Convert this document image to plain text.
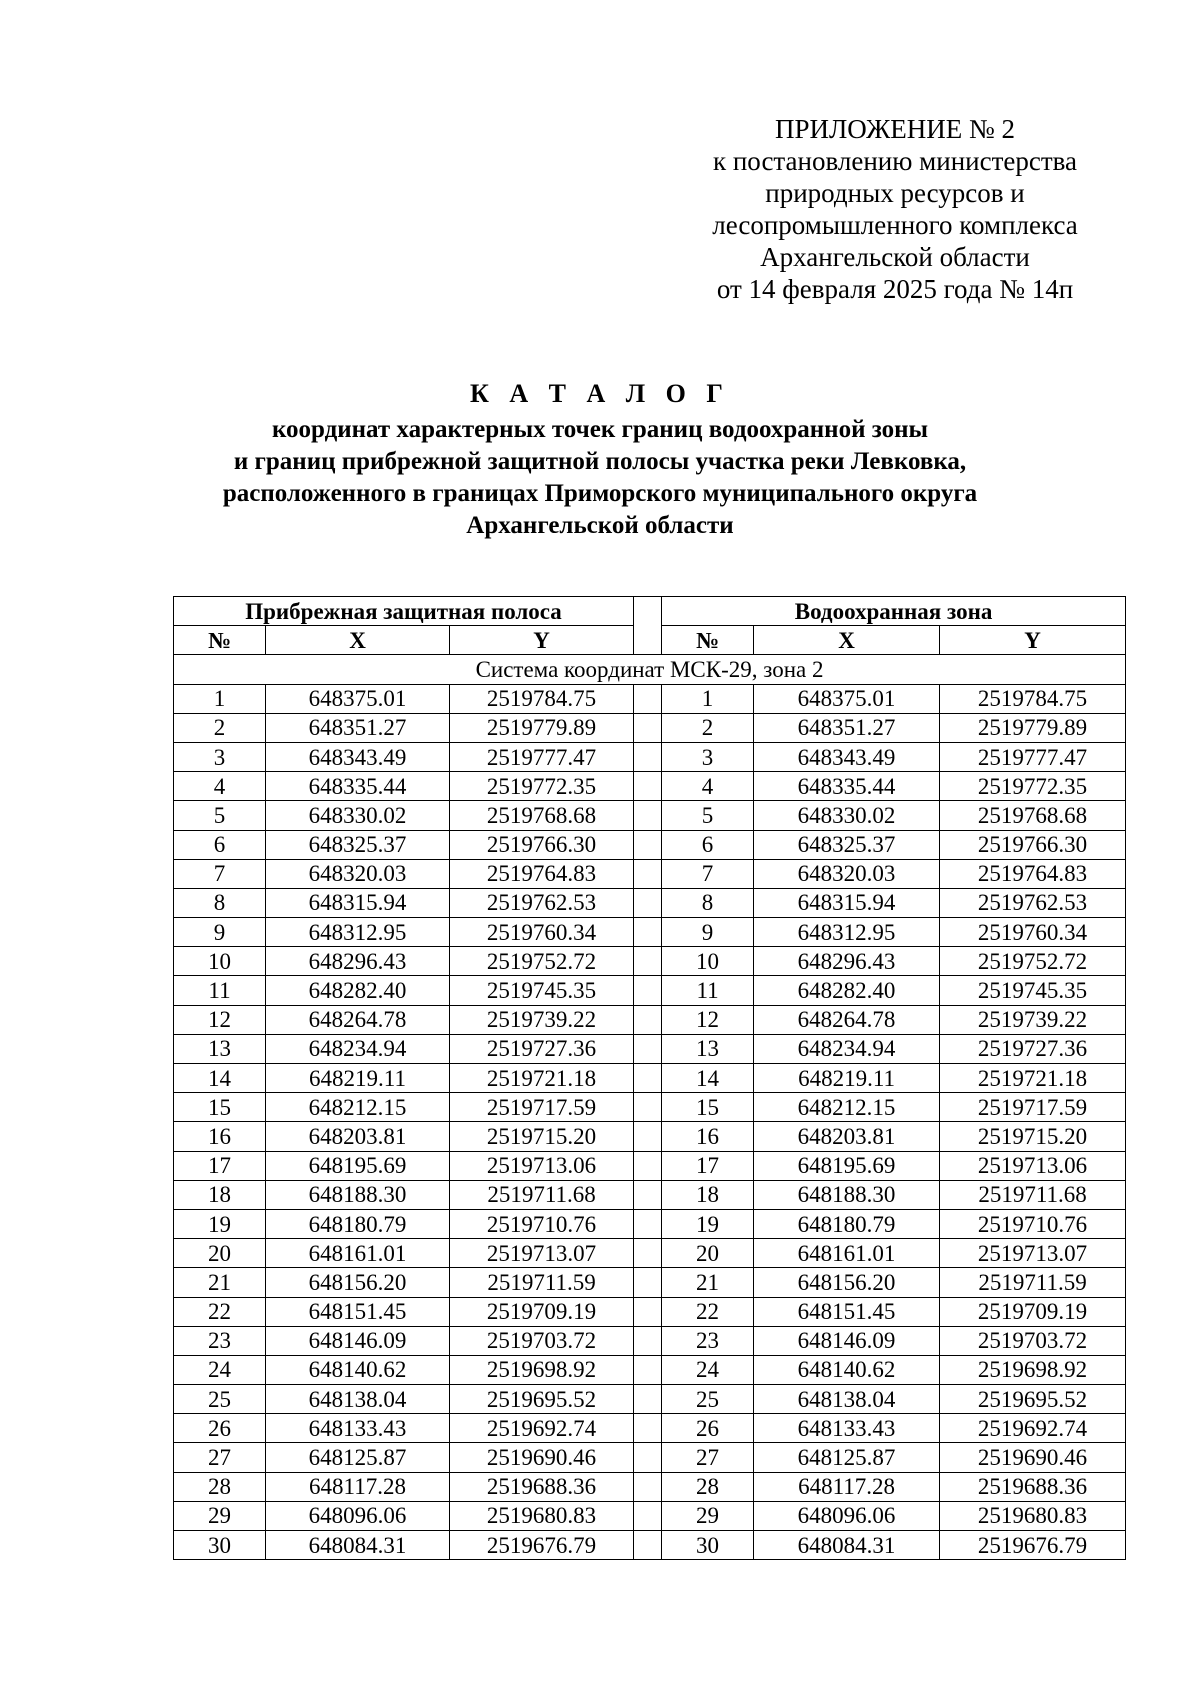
ПРИЛОЖЕНИЕ № 2
к постановлению министерства
природных ресурсов и
лесопромышленного комплекса
Архангельской области
от 14 февраля 2025 года № 14п
К А Т А Л О Г
координат характерных точек границ водоохранной зоны
и границ прибрежной защитной полосы участка реки Левковка,
расположенного в границах Приморского муниципального округа
Архангельской области
Прибрежная защитная полоса				Водоохранная зона		
№	X	Y		№	X	Y
Система координат МСК-29, зона 2						
1	648375.01	2519784.75		1	648375.01	2519784.75
2	648351.27	2519779.89		2	648351.27	2519779.89
3	648343.49	2519777.47		3	648343.49	2519777.47
4	648335.44	2519772.35		4	648335.44	2519772.35
5	648330.02	2519768.68		5	648330.02	2519768.68
6	648325.37	2519766.30		6	648325.37	2519766.30
7	648320.03	2519764.83		7	648320.03	2519764.83
8	648315.94	2519762.53		8	648315.94	2519762.53
9	648312.95	2519760.34		9	648312.95	2519760.34
10	648296.43	2519752.72		10	648296.43	2519752.72
11	648282.40	2519745.35		11	648282.40	2519745.35
12	648264.78	2519739.22		12	648264.78	2519739.22
13	648234.94	2519727.36		13	648234.94	2519727.36
14	648219.11	2519721.18		14	648219.11	2519721.18
15	648212.15	2519717.59		15	648212.15	2519717.59
16	648203.81	2519715.20		16	648203.81	2519715.20
17	648195.69	2519713.06		17	648195.69	2519713.06
18	648188.30	2519711.68		18	648188.30	2519711.68
19	648180.79	2519710.76		19	648180.79	2519710.76
20	648161.01	2519713.07		20	648161.01	2519713.07
21	648156.20	2519711.59		21	648156.20	2519711.59
22	648151.45	2519709.19		22	648151.45	2519709.19
23	648146.09	2519703.72		23	648146.09	2519703.72
24	648140.62	2519698.92		24	648140.62	2519698.92
25	648138.04	2519695.52		25	648138.04	2519695.52
26	648133.43	2519692.74		26	648133.43	2519692.74
27	648125.87	2519690.46		27	648125.87	2519690.46
28	648117.28	2519688.36		28	648117.28	2519688.36
29	648096.06	2519680.83		29	648096.06	2519680.83
30	648084.31	2519676.79		30	648084.31	2519676.79
